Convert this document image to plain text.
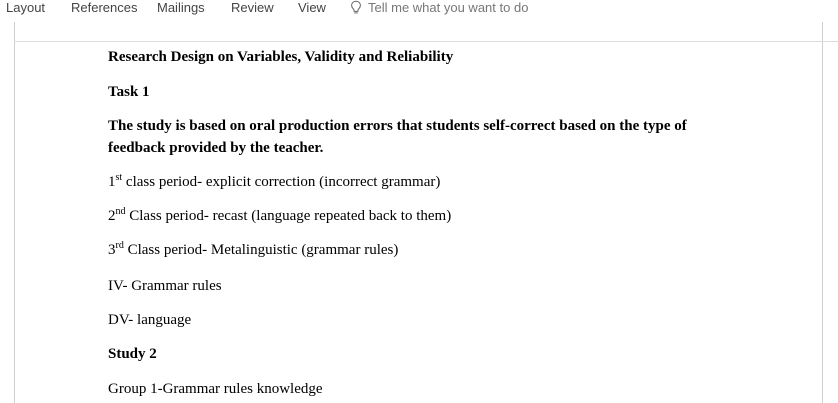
Layout References Mailings Review View	Tell me what you want to do
Research Design on Variables, Validity and Reliability
Task 1
The study is based on oral production errors that students self-correct based on the type of
feedback provided by the teacher.
1st class period- explicit correction (incorrect grammar)
2nd Class period- recast (language repeated back to them)
3rd Class period- Metalinguistic (grammar rules)
IV- Grammar rules
DV- language
Study 2
Group 1-Grammar rules knowledge
